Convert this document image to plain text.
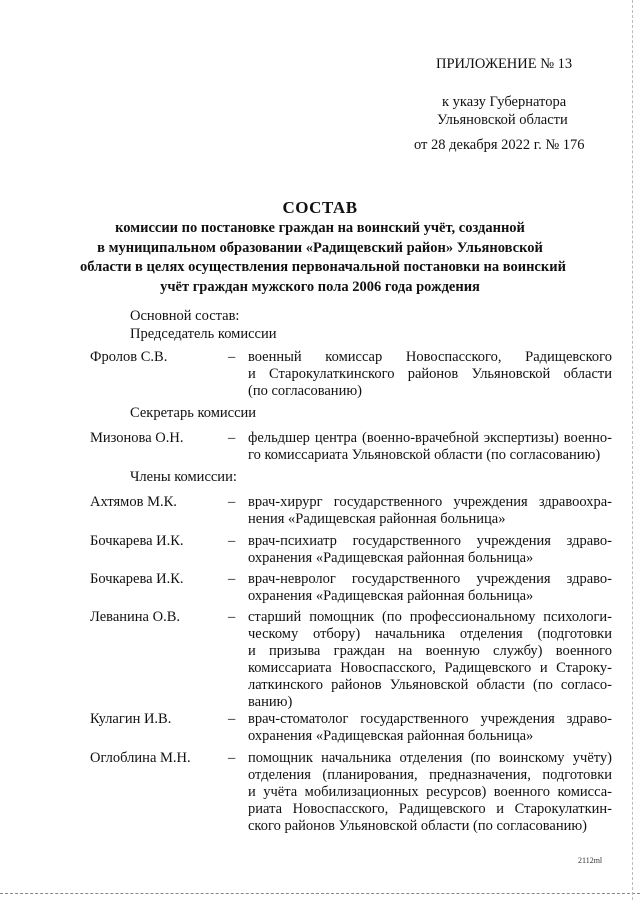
ПРИЛОЖЕНИЕ № 13
к указу Губернатора
Ульяновской области
от 28 декабря 2022 г. № 176
СОСТАВ
комиссии по постановке граждан на воинский учёт, созданной
в муниципальном образовании «Радищевский район» Ульяновской
области в целях осуществления первоначальной постановки на воинский
учёт граждан мужского пола 2006 года рождения
Основной состав:
Председатель комиссии
Фролов С.В.	– военный комиссар Новоспасского, Радищевского
и Старокулаткинского районов Ульяновской области
(по согласованию)
Секретарь комиссии
Мизонова О.Н.	– фельдшер центра (военно-врачебной экспертизы) военно-
го комиссариата Ульяновской области (по согласованию)
Члены комиссии:
Ахтямов М.К.	– врач-хирург государственного учреждения здравоохра-
нения «Радищевская районная больница»
Бочкарева И.К.	– врач-психиатр государственного учреждения здраво-
охранения «Радищевская районная больница»
Бочкарева И.К.	– врач-невролог государственного учреждения здраво-
охранения «Радищевская районная больница»
Леванина О.В.	– старший помощник (по профессиональному психологи-
ческому отбору) начальника отделения (подготовки
и призыва граждан на военную службу) военного
комиссариата Новоспасского, Радищевского и Староку-
латкинского районов Ульяновской области (по согласо-
ванию)
Кулагин И.В.	– врач-стоматолог государственного учреждения здраво-
охранения «Радищевская районная больница»
Оглоблина М.Н.	– помощник начальника отделения (по воинскому учёту)
отделения (планирования, предназначения, подготовки
и учёта мобилизационных ресурсов) военного комисса-
риата Новоспасского, Радищевского и Старокулаткин-
ского районов Ульяновской области (по согласованию)
2112ml
